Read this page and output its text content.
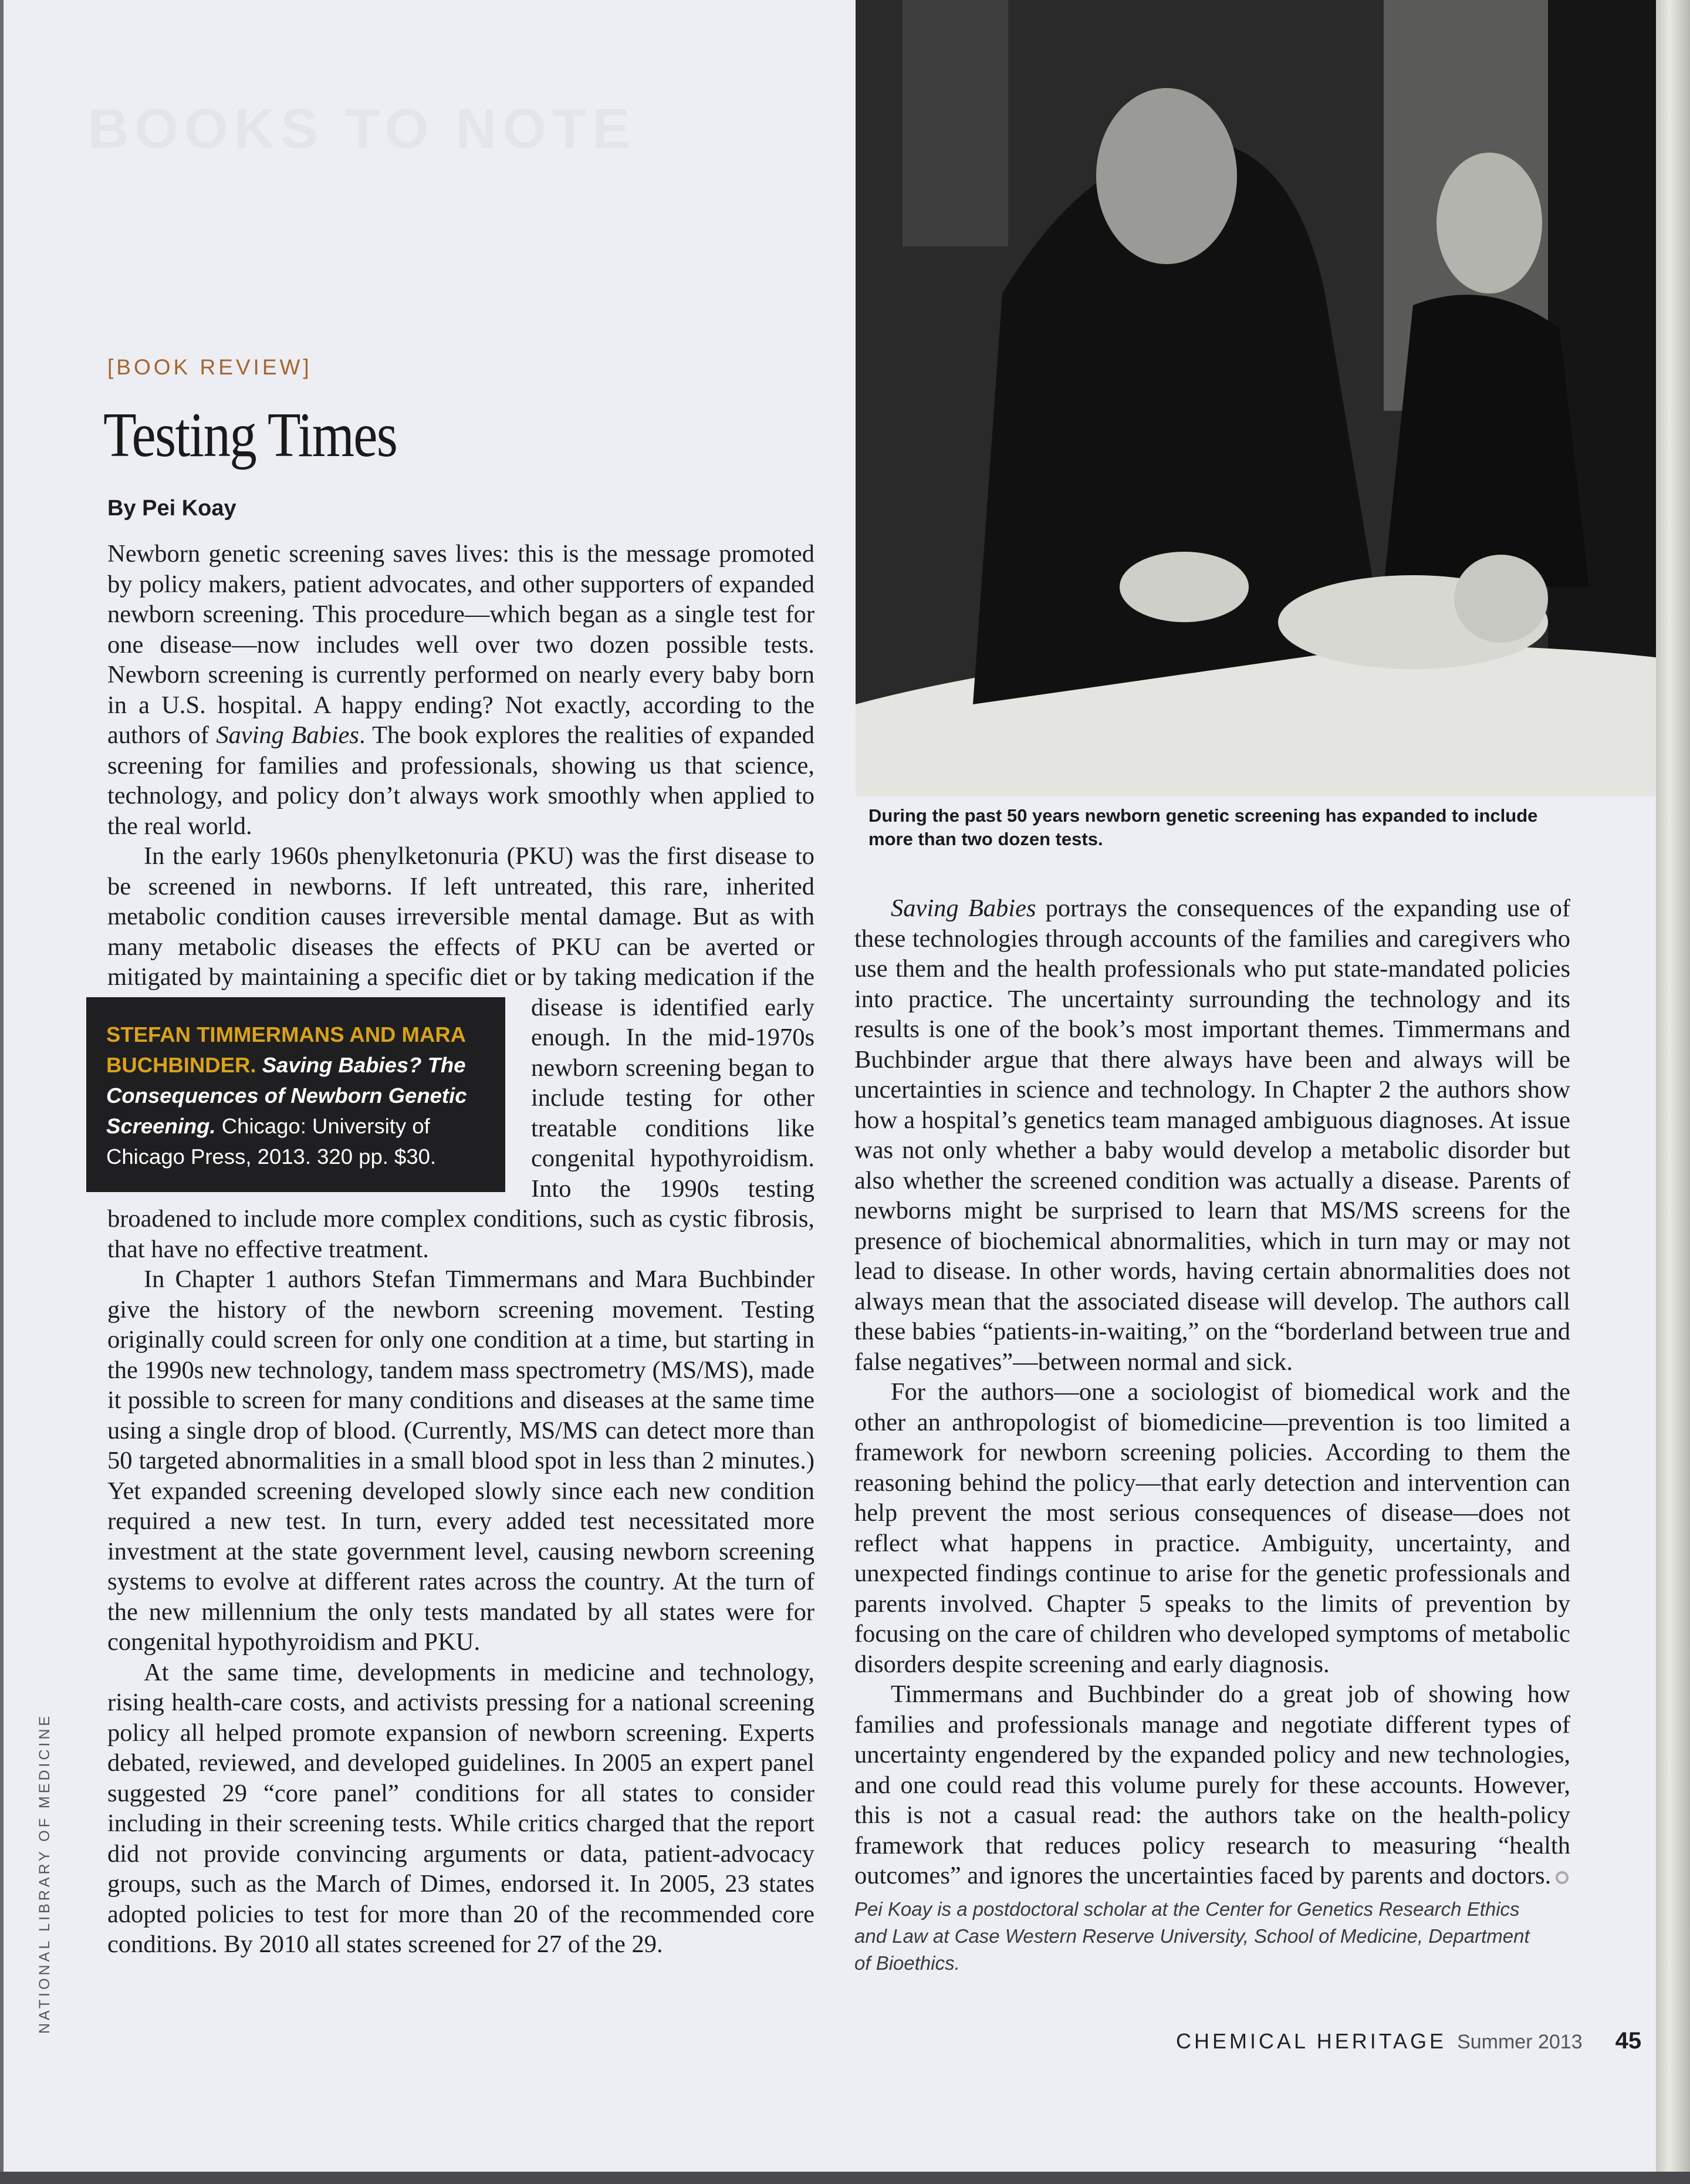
BOOKS TO NOTE
[BOOK REVIEW]
Testing Times
By Pei Koay

Newborn genetic screening saves lives: this is the message promoted by policy makers, patient advocates, and other supporters of expanded newborn screening. This procedure—which began as a single test for one disease—now includes well over two dozen possible tests. Newborn screening is currently performed on nearly every baby born in a U.S. hospital. A happy ending? Not exactly, according to the authors of Saving Babies. The book explores the realities of expanded screening for families and professionals, showing us that science, technology, and policy don’t always work smoothly when applied to the real world.

In the early 1960s phenylketonuria (PKU) was the first disease to be screened in newborns. If left untreated, this rare, inherited metabolic condition causes irreversible mental damage. But as with many metabolic diseases the effects of PKU can be averted or mitigated by maintaining a specific diet or by taking medication
STEFAN TIMMERMANS AND MARA BUCHBINDER. Saving Babies? The Consequences of Newborn Genetic Screening. Chicago: University of Chicago Press, 2013. 320 pp. $30.
if the disease is identified early enough. In the mid-1970s newborn screening began to include testing for other treatable conditions like congenital hypothyroidism. Into the 1990s testing broadened to include more complex conditions, such as cystic fibrosis, that have no effective treatment.

In Chapter 1 authors Stefan Timmermans and Mara Buchbinder give the history of the newborn screening movement. Testing originally could screen for only one condition at a time, but starting in the 1990s new technology, tandem mass spectrometry (MS/MS), made it possible to screen for many conditions and diseases at the same time using a single drop of blood. (Currently, MS/MS can detect more than 50 targeted abnormalities in a small blood spot in less than 2 minutes.) Yet expanded screening developed slowly since each new condition required a new test. In turn, every added test necessitated more investment at the state government level, causing newborn screening systems to evolve at different rates across the country. At the turn of the new millennium the only tests mandated by all states were for congenital hypothyroidism and PKU.

At the same time, developments in medicine and technology, rising health-care costs, and activists pressing for a national screening policy all helped promote expansion of newborn screening. Experts debated, reviewed, and developed guidelines. In 2005 an expert panel suggested 29 “core panel” conditions for all states to consider including in their screening tests. While critics charged that the report did not provide convincing arguments or data, patient-advocacy groups, such as the March of Dimes, endorsed it. In 2005, 23 states adopted policies to test for more than 20 of the recommended core conditions. By 2010 all states screened for 27 of the 29.

During the past 50 years newborn genetic screening has expanded to include more than two dozen tests.

Saving Babies portrays the consequences of the expanding use of these technologies through accounts of the families and caregivers who use them and the health professionals who put state-mandated policies into practice. The uncertainty surrounding the technology and its results is one of the book’s most important themes. Timmermans and Buchbinder argue that there always have been and always will be uncertainties in science and technology. In Chapter 2 the authors show how a hospital’s genetics team managed ambiguous diagnoses. At issue was not only whether a baby would develop a metabolic disorder but also whether the screened condition was actually a disease. Parents of newborns might be surprised to learn that MS/MS screens for the presence of biochemical abnormalities, which in turn may or may not lead to disease. In other words, having certain abnormalities does not always mean that the associated disease will develop. The authors call these babies “patients-in-waiting,” on the “borderland between true and false negatives”—between normal and sick.

For the authors—one a sociologist of biomedical work and the other an anthropologist of biomedicine—prevention is too limited a framework for newborn screening policies. According to them the reasoning behind the policy—that early detection and intervention can help prevent the most serious consequences of disease—does not reflect what happens in practice. Ambiguity, uncertainty, and unexpected findings continue to arise for the genetic professionals and parents involved. Chapter 5 speaks to the limits of prevention by focusing on the care of children who developed symptoms of metabolic disorders despite screening and early diagnosis.

Timmermans and Buchbinder do a great job of showing how families and professionals manage and negotiate different types of uncertainty engendered by the expanded policy and new technologies, and one could read this volume purely for these accounts. However, this is not a casual read: the authors take on the health-policy framework that reduces policy research to measuring “health outcomes” and ignores the uncertainties faced by parents and doctors.

Pei Koay is a postdoctoral scholar at the Center for Genetics Research Ethics and Law at Case Western Reserve University, School of Medicine, Department of Bioethics.
CHEMICAL HERITAGE Summer 2013 45
NATIONAL LIBRARY OF MEDICINE
